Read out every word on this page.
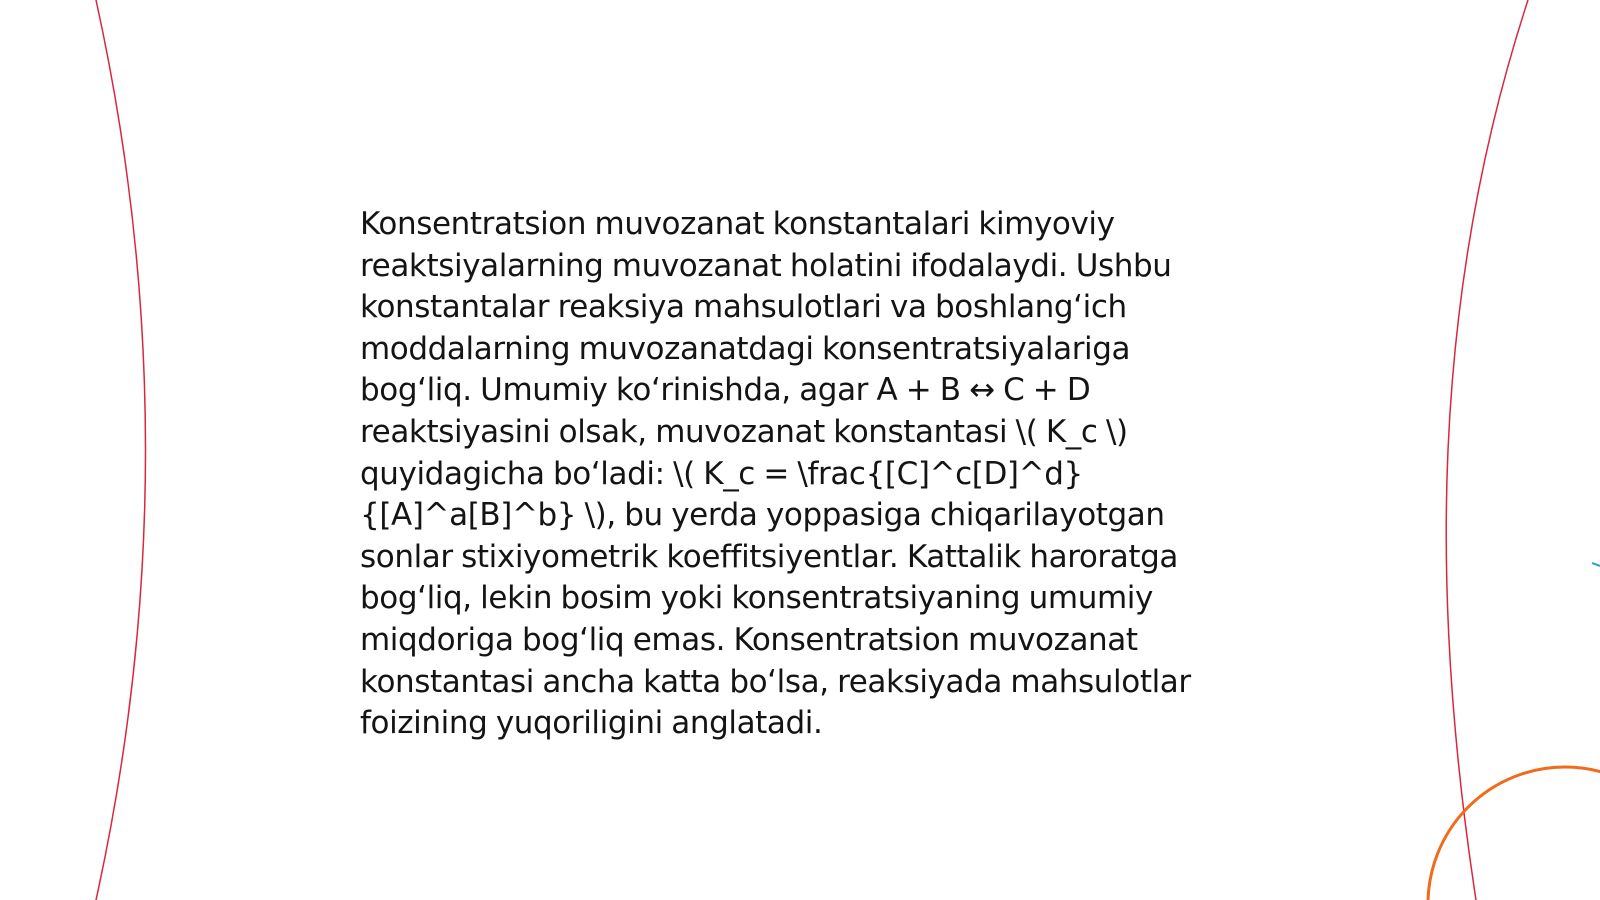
Konsentratsion muvozanat konstantalari kimyoviy reaktsiyalarning muvozanat holatini ifodalaydi. Ushbu konstantalar reaksiya mahsulotlari va boshlang‘ich moddalarning muvozanatdagi konsentratsiyalariga bog‘liq. Umumiy ko‘rinishda, agar A + B ↔ C + D reaktsiyasini olsak, muvozanat konstantasi \( K_c \) quyidagicha bo‘ladi: \( K_c = \frac{[C]^c[D]^d}{[A]^a[B]^b} \), bu yerda yoppasiga chiqarilayotgan sonlar stixiyometrik koeffitsiyentlar. Kattalik haroratga bog‘liq, lekin bosim yoki konsentratsiyaning umumiy miqdoriga bog‘liq emas. Konsentratsion muvozanat konstantasi ancha katta bo‘lsa, reaksiyada mahsulotlar foizining yuqoriligini anglatadi.
